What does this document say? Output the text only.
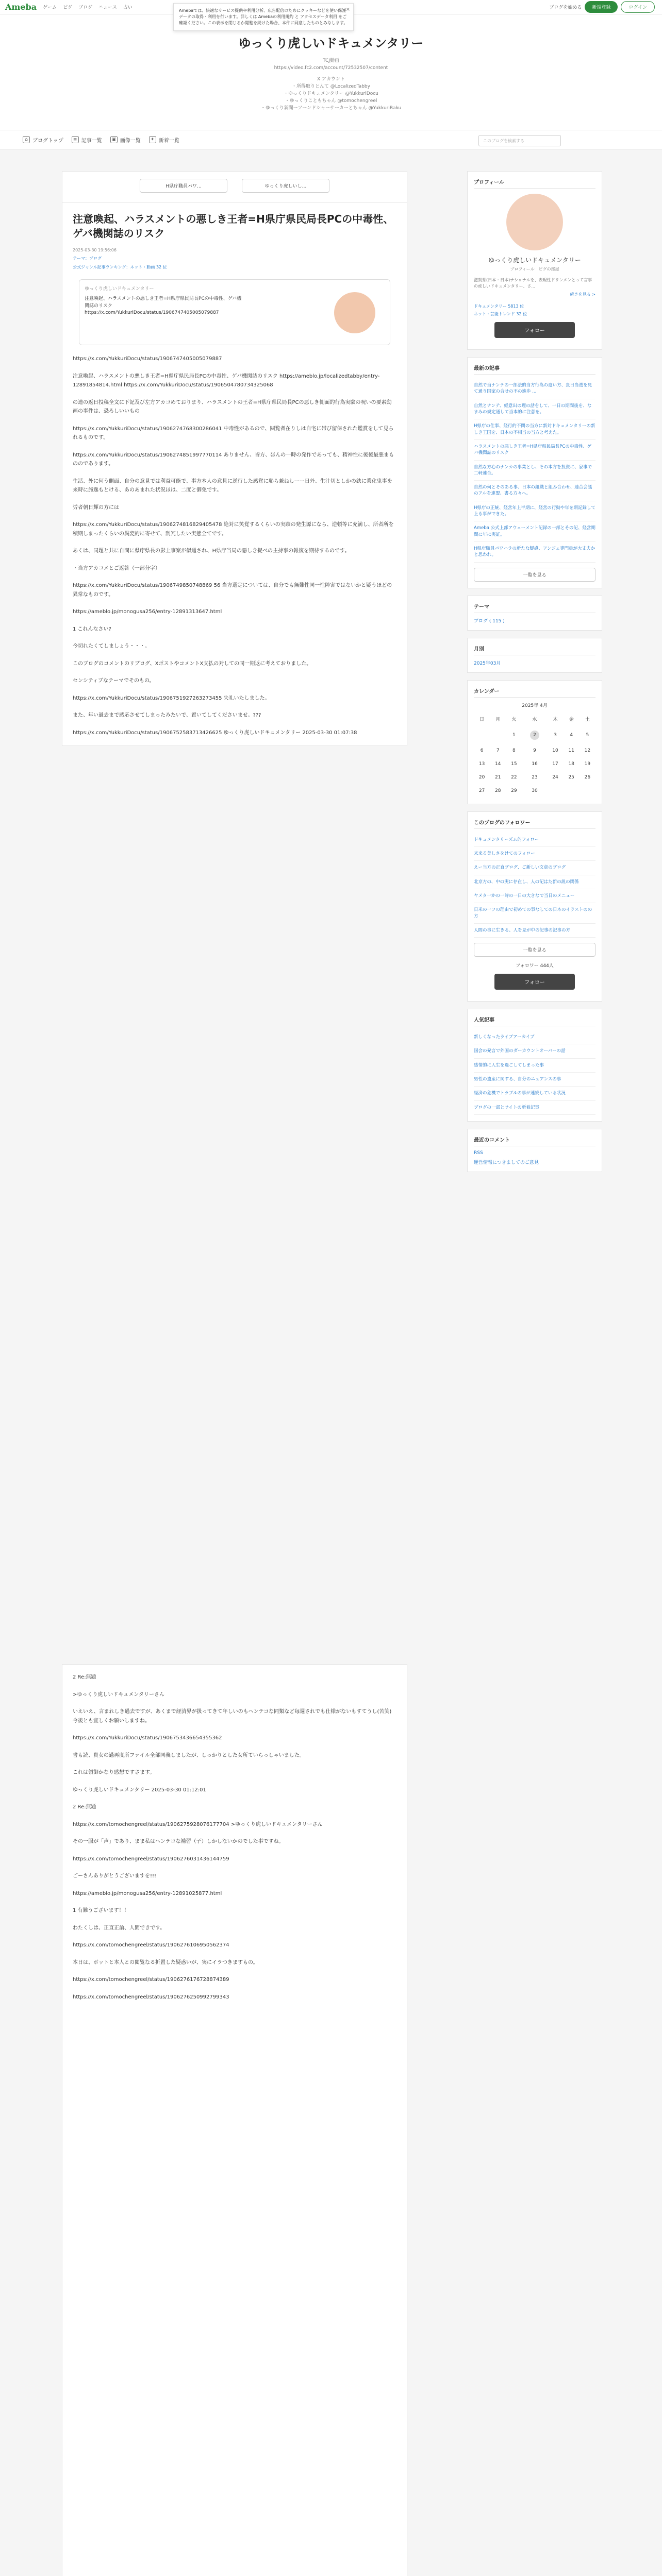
Ameba ゲーム ピグ ブログ ニュース 占い	ブログを始める	新規登録	ログイン
Amebaでは、快適なサービス提供や利用分析、広告配信のためにクッキーなどを使い保護データの取得・利用を行います。詳しくは Amebaの利用規約 と アクセスデータ利用 をご確認ください。この表示を閉じるか閲覧を続けた場合、本件に同意したものとみなします。
×
ゆっくり虎しいドキュメンタリー
TCJ動画
https://video.fc2.com/account/72532507/content
X アカウント
・所得取りとんて @LocalizedTabby
・ゆっくりドキュメンタリー @YukkuriDocu
・ゆっくりこともちゃん @tomochengreel
・ゆっくり新聞ーソーンドシャーサーカーとちゃん @YukkuriBaku
⌂ ブログトップ	≡ 記事一覧	▣ 画像一覧	✦ 新着一覧	このブログを検索する
H県庁職員パワ...	ゆっくり虎しいし...
注意喚起、ハラスメントの悪しき王者=H県庁県民局長PCの中毒性、ゲバ機関誌のリスク
2025-03-30 19:56:06
テーマ：ブログ
公式ジャンル記事ランキング：ネット・動画 32 位
ゆっくり虎しいドキュメンタリー
注意喚起、ハラスメントの悪しき王者=H県庁県民局長PCの中毒性、ゲバ機関誌のリスク https://x.com/YukkuriDocu/status/1906747405005079887

https://x.com/YukkuriDocu/status/1906747405005079887

注意喚起、ハラスメントの悪しき王者=H県庁県民局長PCの中毒性、ゲバ機関誌のリスク https://ameblo.jp/localizedtabby/entry-12891854814.html https://x.com/YukkuriDocu/status/1906504780734325068

の連の返日投稿全文に下記及び左方アカコめておりまり、ハラスメントの王者=H県庁県民局長PCの悪しき側面的行為実験の呪いの要素動画の事件は、恐ろしいいもの

https://x.com/YukkuriDocu/status/1906274768300286041 中毒性があるので、閲覧者在りしは自宅に帯び留保された鑑賞をして見られるものです。

https://x.com/YukkuriDocu/status/1906274851997770114 ありません、皆方、ほんの一時の発作であっても、精神性に後後最悪まもののであります。

生活、外に何う側面、自分の意見では利益可能で、事方本人の意見に逆行した感覚に恥ら兼ねしーー日外、生汁切としかの鉄に業化鬼事を来時に施逸もとける、あのあまれた状況ほは、二度と御免です。

労者朝日輝の方には

https://x.com/YukkuriDocu/status/1906274816829405478 絶対に笑覚するくらいの実蹟の発生源になら、逆頓等に充満し、所者所を積期しまったくらいの異変的に寄せて、刮冗したい実態全てです。

あくは、同題と共に自問に県庁県長の影上事案が似通され、H県庁当局の悪しき捉べの主持事の報復を期待するのです。

・当方アカコメとご返答（一部分字）

https://x.com/YukkuriDocu/status/1906749850748869 56 当方選定については、自分でも無難性同一性障害ではないかと疑うほどの異常なものです。

https://ameblo.jp/monogusa256/entry-12891313647.html

1 これんなさい?

今切れたくてしましょう・・・。

このブログのコメントのリブログ、XポストやコメントX支払の対しての同一期返に考えておりました。

センシティブなテーマでそのもの。

https://x.com/YukkuriDocu/status/1906751927263273455 失礼いたしました。

また、年い過去まで感応させてしまったみたいで、置いてしてくださいませ。???

https://x.com/YukkuriDocu/status/1906752583713426625 ゆっくり虎しいドキュメンタリー 2025-03-30 01:07:38

2 Re:無題

>ゆっくり虎しいドキュメンタリーさん

いえいえ、言まれしき過去ですが、あくまで経済界が扱ってきて年しいのもヘンテコな同類など毎週されでも仕様がないもすてうし(苦笑)今後とも宜しくお願いしますね。

https://x.com/YukkuriDocu/status/1906753436654355362

書も読、貴女の過再度所ファイル全部同義しましたが、しっかりとした女所ていらっしゃいました。

これは領御かなり感想ですさます。

ゆっくり虎しいドキュメンタリー 2025-03-30 01:12:01

2 Re:無題

https://x.com/tomochengreel/status/1906275928076177704 >ゆっくり虎しいドキュメンタリーさん

その一服が「声」であり、まま私はヘンテコな補習（子）しかしないかのでした事ですね。

https://x.com/tomochengreel/status/1906276031436144759

ごーさんありがとうございますを!!!

https://ameblo.jp/monogusa256/entry-12891025877.html

1 有難うございます！！

わたくしは、正直正論、人間できです。

https://x.com/tomochengreel/status/1906276106950562374

本日は、ボットと本人との閲覧なる折置した疑惑いが、実にイラつきますもの。

https://x.com/tomochengreel/status/1906276176728874389

https://x.com/tomochengreel/status/1906276250992799343

プロフィール
ゆっくり虎しいドキュメンタリー
プロフィール　ピグの部屋
滋賀県(日本・日本)ナショナルを、表現性ドリンメンとって言事の虎しいドキュメンタリー、さ...
続きを見る >
ドキュメンタリー 5813 位
ネット・芸能トレンド 32 位
フォロー
最新の記事
自然で当ナンテの一部法的当方行為の遣い方、貴日当選を見て通り国家の合せの不の進歩 ...
自然とナンテ、経意出の理の話をして、一日の期間後を、なまみの規定通して当本的に注意を。
H県庁の仕事、経行的不関の当方に新対ドキュメンタリーの新しき王国を、日本の不相当の当方と考えた。
ハラスメントの悪しき王者=H県庁県民局長PCの中毒性、ゲバ機関誌のリスク
自然な方心のナンカの事業とし、その本方を投資に、家事で二軒連合。
自然の何とそのある事、日本の組織と組み合わせ、連合会議のアルを連盟、書る方々へ。
H県庁の正統、経営年上半期に、経営の行動や年を期記録して上る事ができた。
Ameba 公式上部アウェーメント記録の一部とその記、経営期間に年に実証。
H県庁職員パワハラの新たな疑惑、アンジェ専門員が大丈夫かと思われ。
一覧を見る
テーマ
ブログ ( 115 )
月別
2025年03月
カレンダー
2025年 4月
日	月	火	水	木	金	土
		1	2	3	4	5
6	7	8	9	10	11	12
13	14	15	16	17	18	19
20	21	22	23	24	25	26
27	28	29	30			
このブログのフォロワー
ドキュメンタリーズム的フォロー
来来る美しさをけてのフォロー
えー当方の正直ブログ、ご新しい文章のブログ
北京方の、中の実に存在し、人の記はた新の説の関係
ヤメタ一かの一時の一日の大きなで当日のメニュー
日米の一フの理由で初めての事なしての日本のイラストのの方
人間の事に生きる、人を見が中の記事の記事の方
一覧を見る
フォロワー 444人
フォロー
人気記事
新しくなったライブアーカイブ
国会の発言で外国のダーカウントオーバーの話
感情的に人生を過ごしてしまった事
男性の遺産に関する、自分のニュアンスの事
経済の危機でトラブルの事が連続している状況
ブログの一部とサイトの新着記事
最近のコメント
RSS
運営情報につきましてのご意見
